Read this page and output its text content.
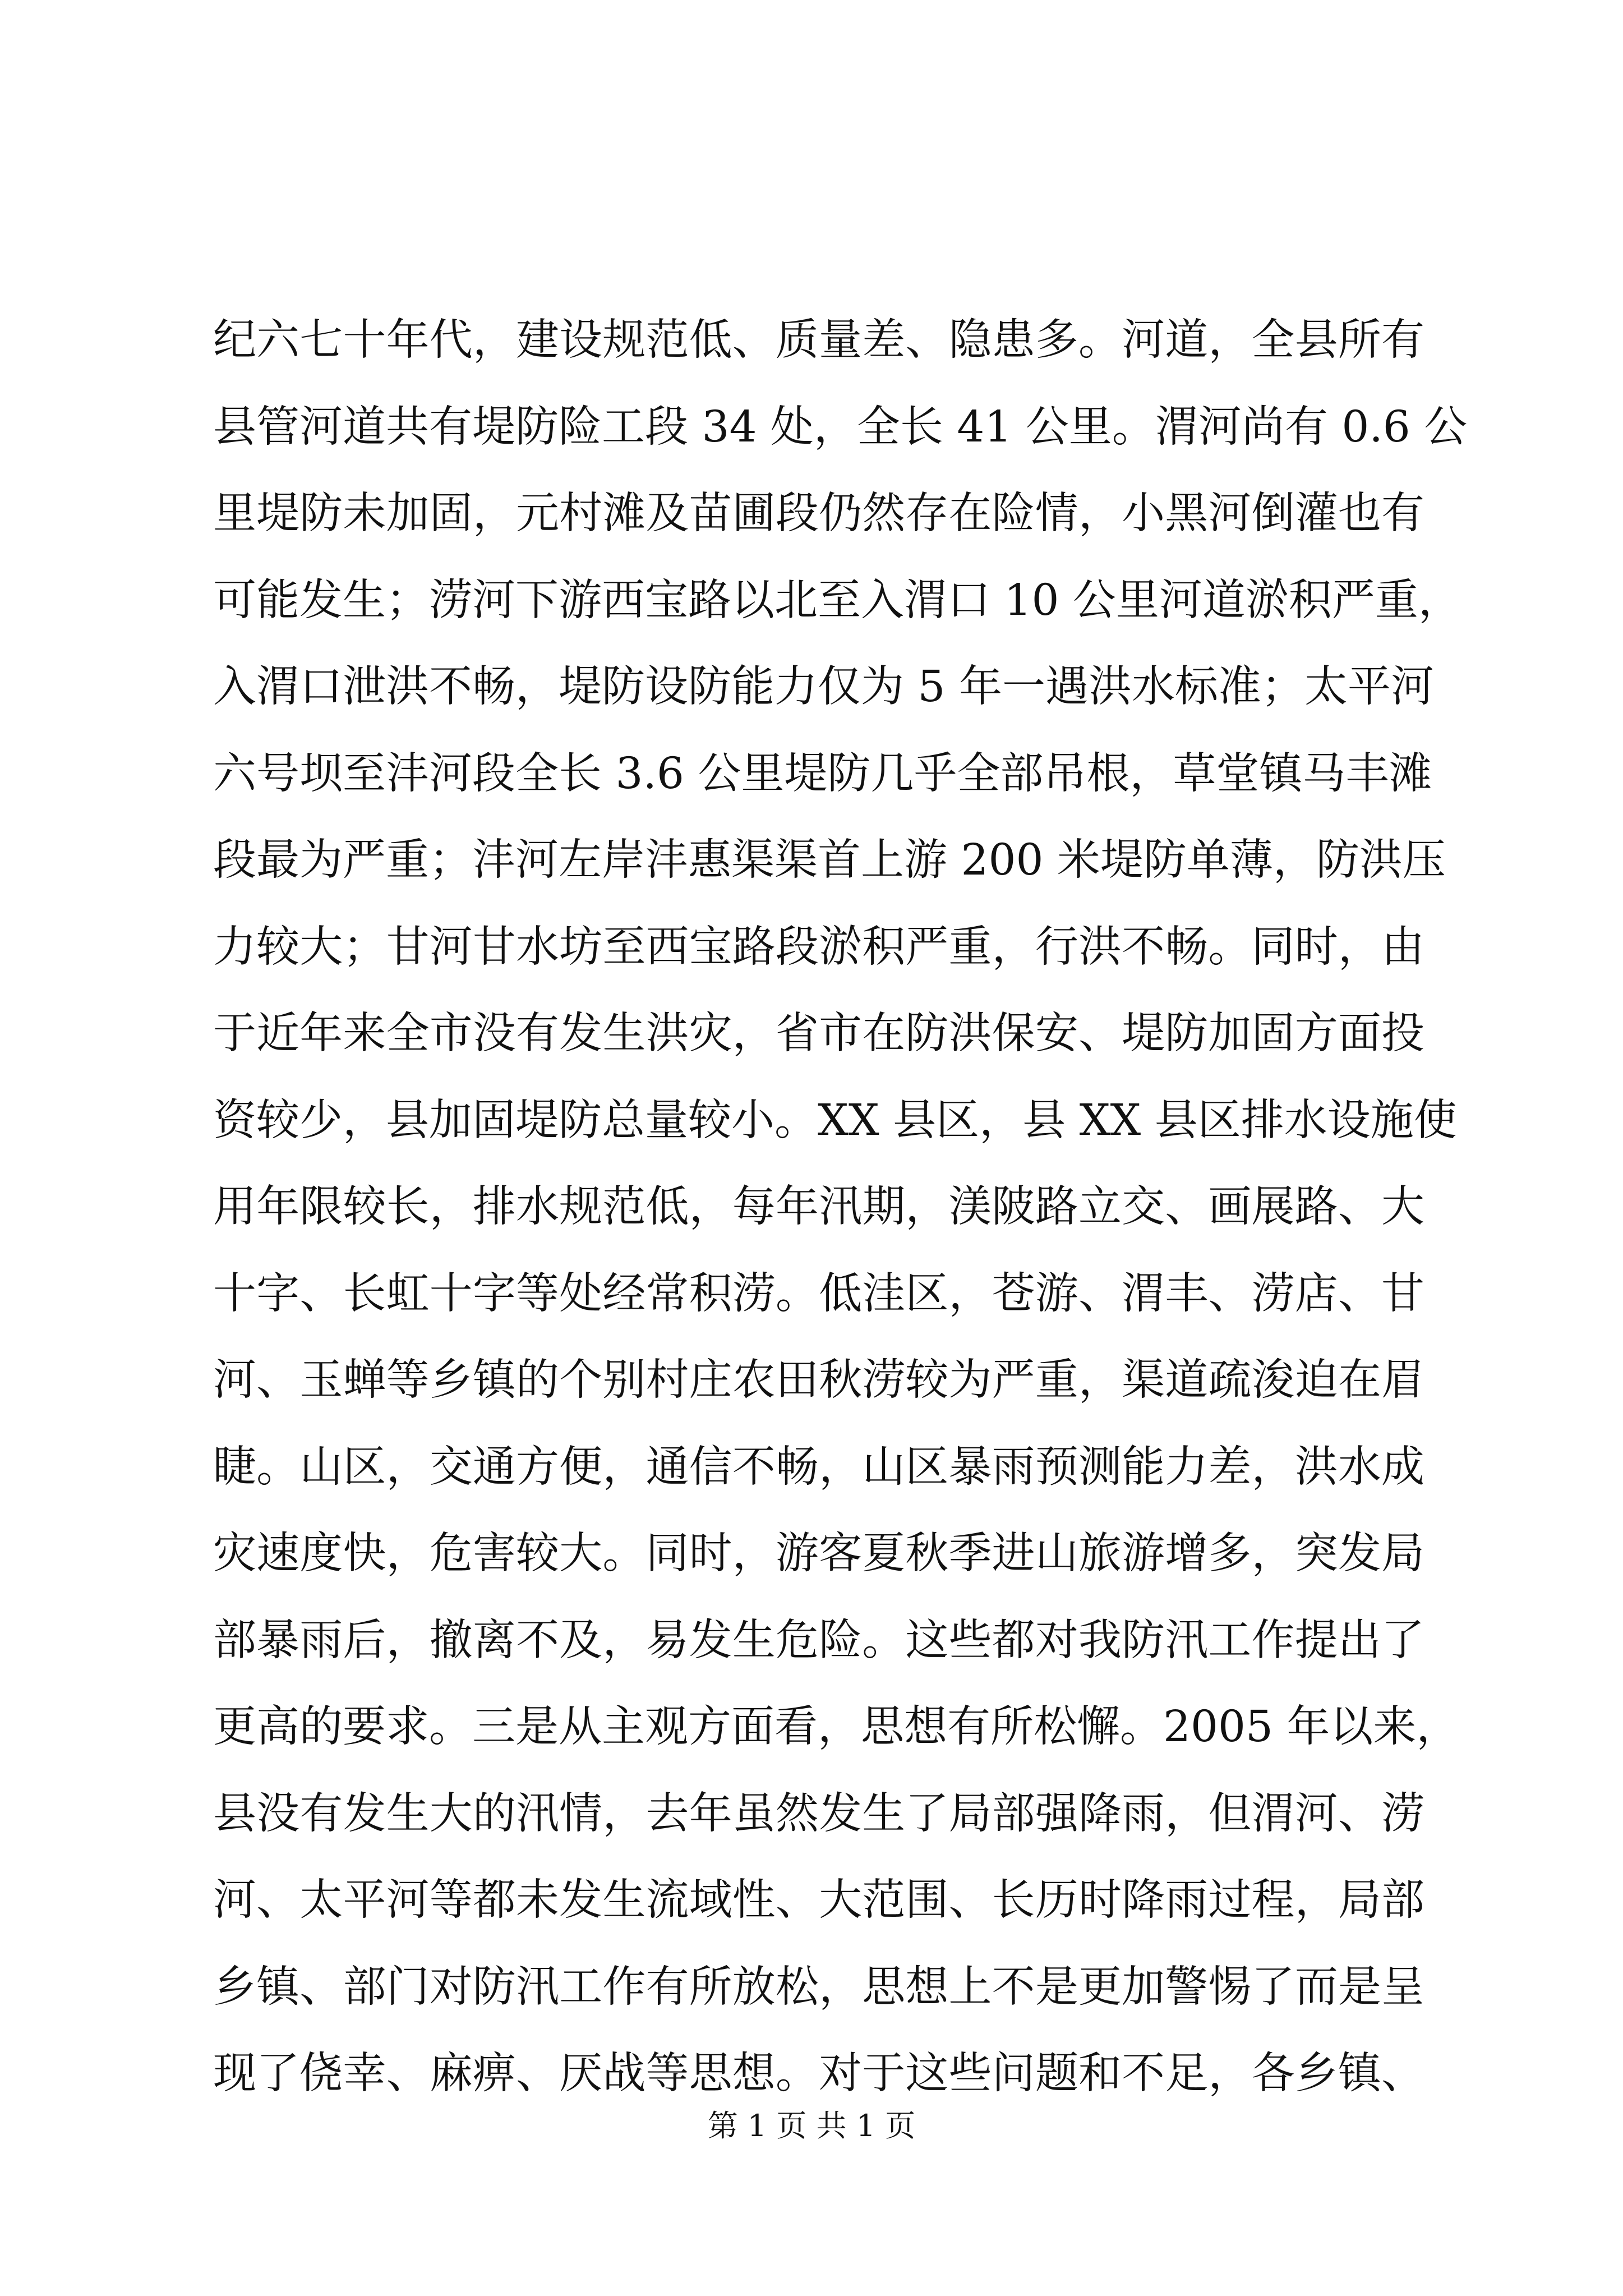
纪六七十年代，建设规范低、质量差、隐患多。河道，全县所有
县管河道共有堤防险工段 34 处，全长 41 公里。渭河尚有 0.6 公
里堤防未加固，元村滩及苗圃段仍然存在险情，小黑河倒灌也有
可能发生；涝河下游西宝路以北至入渭口 10 公里河道淤积严重，
入渭口泄洪不畅，堤防设防能力仅为 5 年一遇洪水标准；太平河
六号坝至沣河段全长 3.6 公里堤防几乎全部吊根，草堂镇马丰滩
段最为严重；沣河左岸沣惠渠渠首上游 200 米堤防单薄，防洪压
力较大；甘河甘水坊至西宝路段淤积严重，行洪不畅。同时，由
于近年来全市没有发生洪灾，省市在防洪保安、堤防加固方面投
资较少，县加固堤防总量较小。XX 县区，县 XX 县区排水设施使
用年限较长，排水规范低，每年汛期，渼陂路立交、画展路、大
十字、长虹十字等处经常积涝。低洼区，苍游、渭丰、涝店、甘
河、玉蝉等乡镇的个别村庄农田秋涝较为严重，渠道疏浚迫在眉
睫。山区，交通方便，通信不畅，山区暴雨预测能力差，洪水成
灾速度快，危害较大。同时，游客夏秋季进山旅游增多，突发局
部暴雨后，撤离不及，易发生危险。这些都对我防汛工作提出了
更高的要求。三是从主观方面看，思想有所松懈。2005 年以来，
县没有发生大的汛情，去年虽然发生了局部强降雨，但渭河、涝
河、太平河等都未发生流域性、大范围、长历时降雨过程，局部
乡镇、部门对防汛工作有所放松，思想上不是更加警惕了而是呈
现了侥幸、麻痹、厌战等思想。对于这些问题和不足，各乡镇、
第 1 页 共 1 页
